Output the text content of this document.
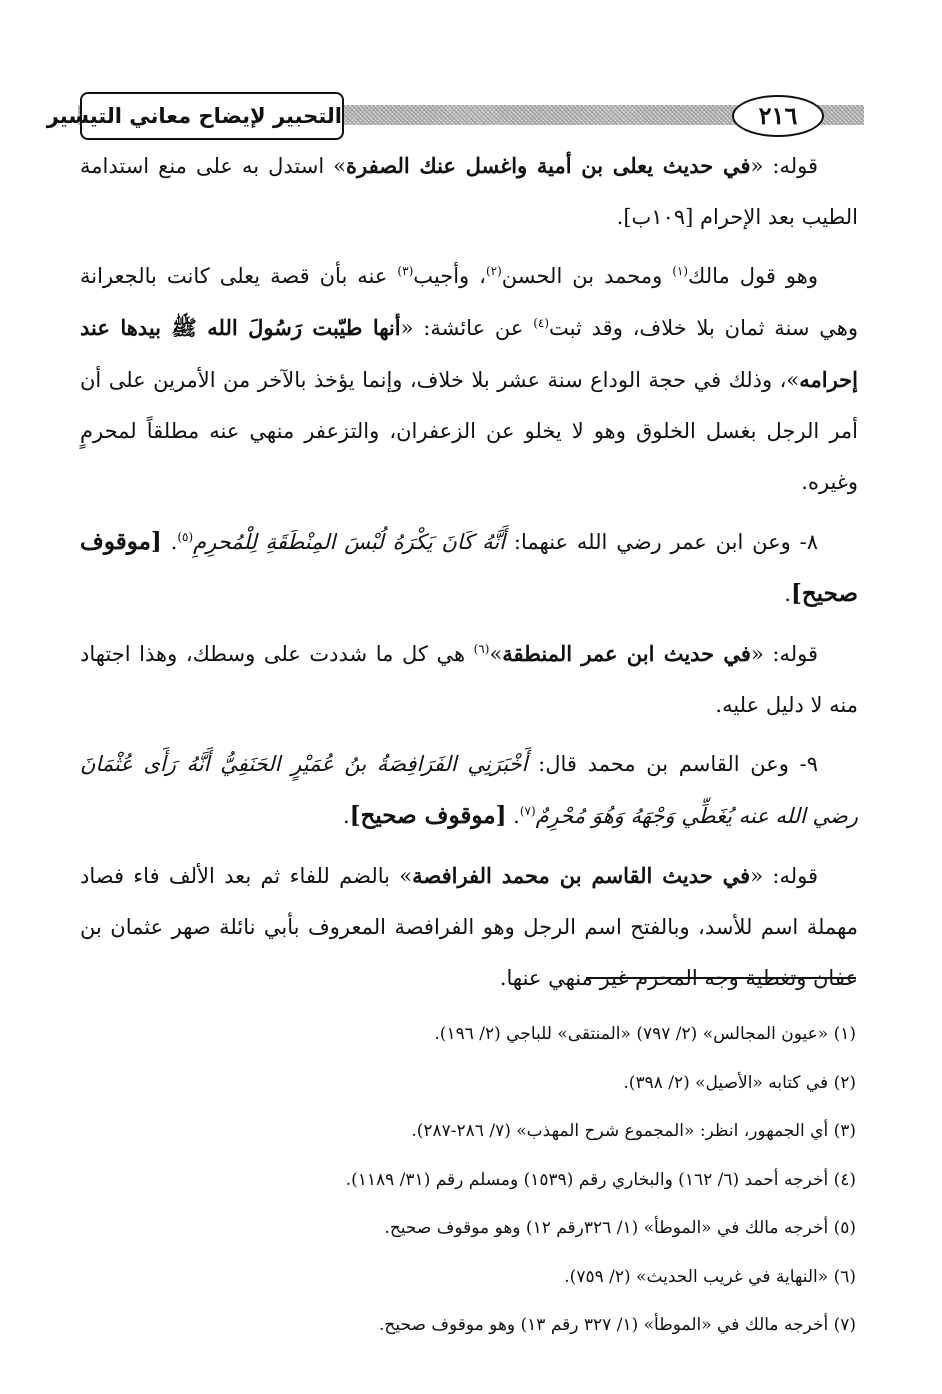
التحبير لإيضاح معاني التيسير	٢١٦

قوله: «في حديث يعلى بن أمية واغسل عنك الصفرة» استدل به على منع استدامة الطيب بعد الإحرام [١٠٩ب].

وهو قول مالك$^{(١)}$ ومحمد بن الحسن$^{(٢)}$، وأجيب$^{(٣)}$ عنه بأن قصة يعلى كانت بالجعرانة وهي سنة ثمان بلا خلاف، وقد ثبت$^{(٤)}$ عن عائشة: «أنها طيّبت رَسُولَ الله ﷺ بيدها عند إحرامه»، وذلك في حجة الوداع سنة عشر بلا خلاف، وإنما يؤخذ بالآخر من الأمرين على أن أمر الرجل بغسل الخلوق وهو لا يخلو عن الزعفران، والتزعفر منهي عنه مطلقاً لمحرمٍ وغيره.

٨- وعن ابن عمر رضي الله عنهما: أَنَّهُ كَانَ يَكْرَهُ لُبْسَ المِنْطَقَةِ لِلْمُحرِمِ$^{(٥)}$. [موقوف صحيح].

قوله: «في حديث ابن عمر المنطقة»$^{(٦)}$ هي كل ما شددت على وسطك، وهذا اجتهاد منه لا دليل عليه.

٩- وعن القاسم بن محمد قال: أَخْبَرَنِي الفَرَافِصَةُ بنُ عُمَيْرٍ الحَنَفِيُّ أَنَّهُ رَأَى عُثْمَانَ رضي الله عنه يُغَطِّي وَجْهَهُ وَهُوَ مُحْرِمٌ$^{(٧)}$. [موقوف صحيح].

قوله: «في حديث القاسم بن محمد الفرافصة» بالضم للفاء ثم بعد الألف فاء فصاد مهملة اسم للأسد، وبالفتح اسم الرجل وهو الفرافصة المعروف بأبي نائلة صهر عثمان بن عفان وتغطية وجه المحرم غير منهي عنها.

(١) «عيون المجالس» (٢/ ٧٩٧) «المنتقى» للباجي (٢/ ١٩٦).
(٢) في كتابه «الأصيل» (٢/ ٣٩٨).
(٣) أي الجمهور، انظر: «المجموع شرح المهذب» (٧/ ٢٨٦-٢٨٧).
(٤) أخرجه أحمد (٦/ ١٦٢) والبخاري رقم (١٥٣٩) ومسلم رقم (٣١/ ١١٨٩).
(٥) أخرجه مالك في «الموطأ» (١/ ٣٢٦رقم ١٢) وهو موقوف صحيح.
(٦) «النهاية في غريب الحديث» (٢/ ٧٥٩).
(٧) أخرجه مالك في «الموطأ» (١/ ٣٢٧ رقم ١٣) وهو موقوف صحيح.
